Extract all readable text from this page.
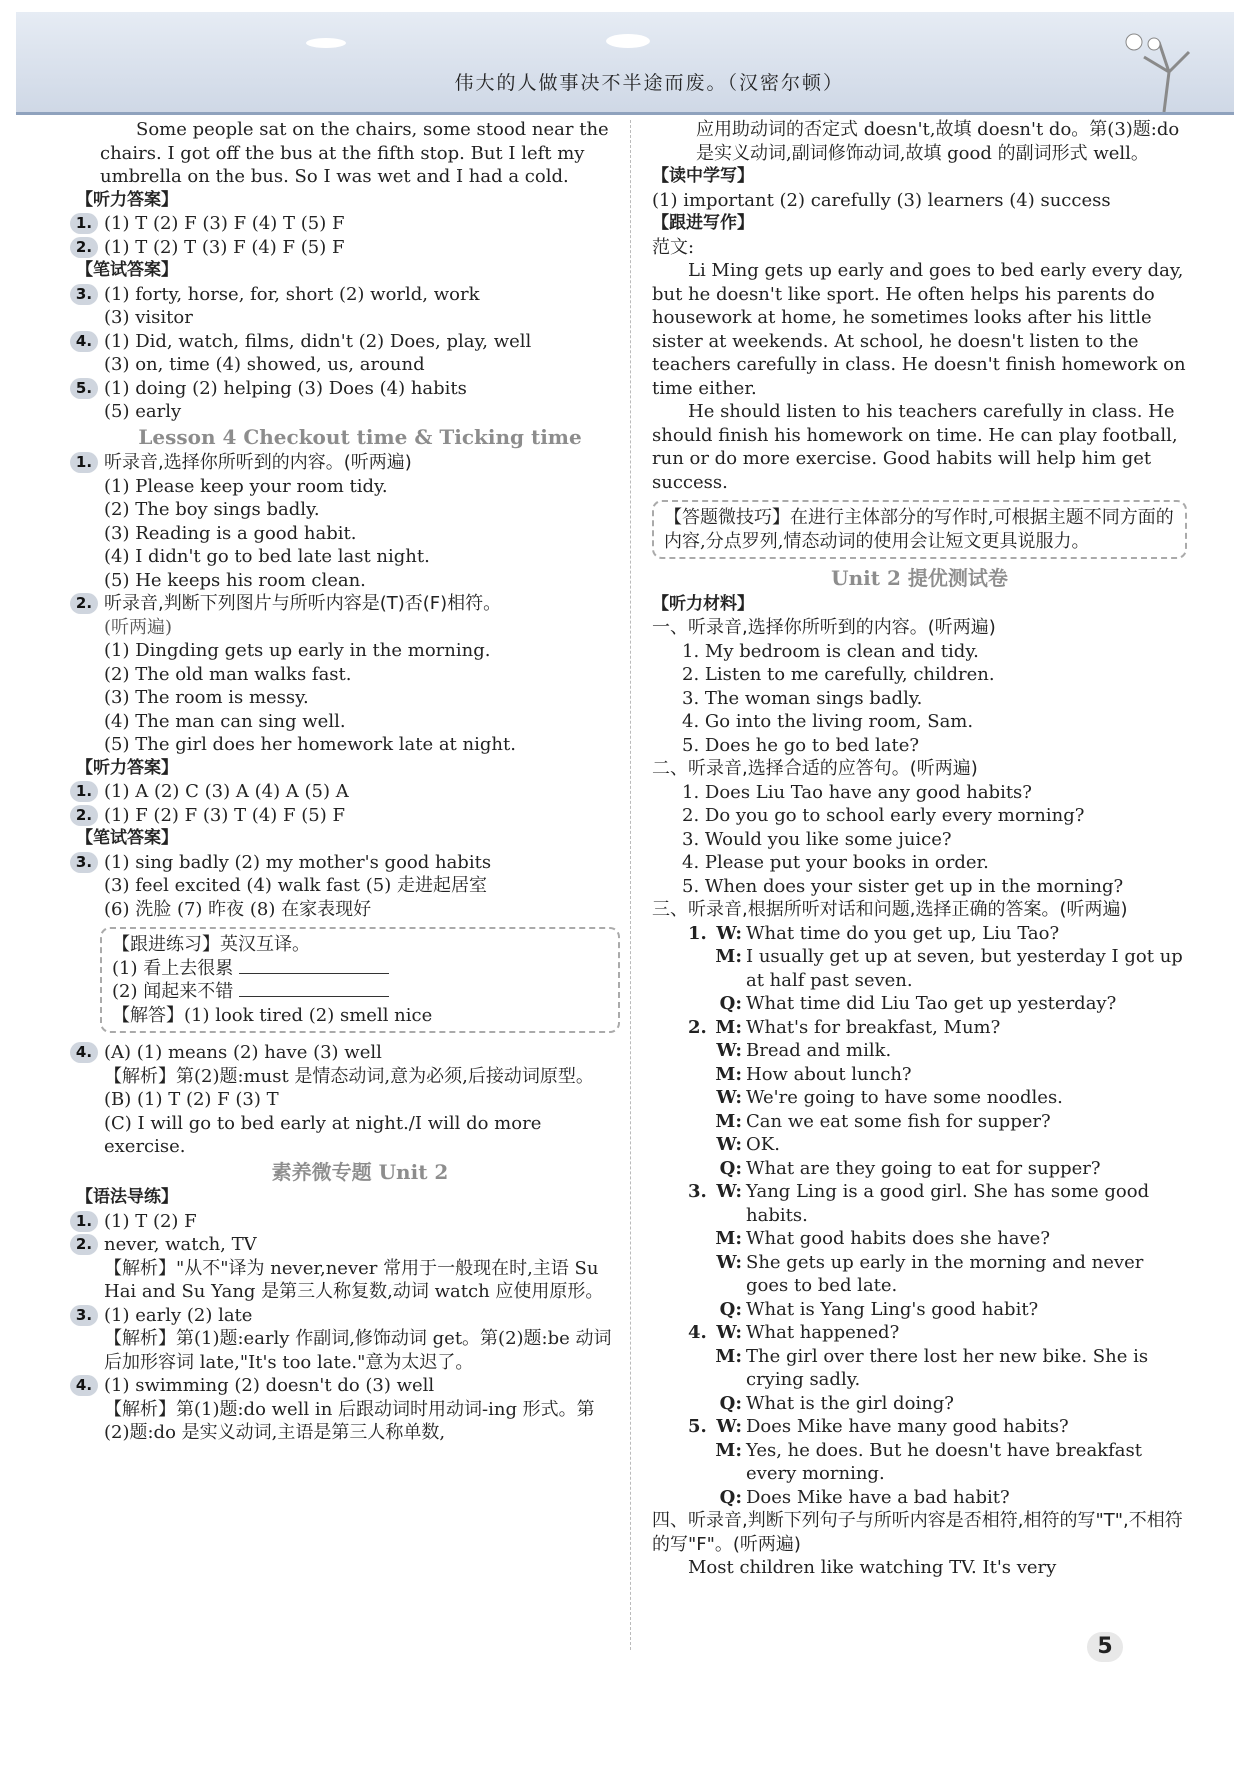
伟大的人做事决不半途而废。（汉密尔顿）

Some people sat on the chairs, some stood near the chairs. I got off the bus at the fifth stop. But I left my umbrella on the bus. So I was wet and I had a cold.

【听力答案】

1. (1) T (2) F (3) F (4) T (5) F
2. (1) T (2) T (3) F (4) F (5) F

【笔试答案】

3. (1) forty, horse, for, short (2) world, work
(3) visitor
4. (1) Did, watch, films, didn't (2) Does, play, well
(3) on, time (4) showed, us, around
5. (1) doing (2) helping (3) Does (4) habits
(5) early
Lesson 4 Checkout time & Ticking time
1. 听录音,选择你所听到的内容。(听两遍)
(1) Please keep your room tidy.
(2) The boy sings badly.
(3) Reading is a good habit.
(4) I didn't go to bed late last night.
(5) He keeps his room clean.
2. 听录音,判断下列图片与所听内容是(T)否(F)相符。
(听两遍)
(1) Dingding gets up early in the morning.
(2) The old man walks fast.
(3) The room is messy.
(4) The man can sing well.
(5) The girl does her homework late at night.

【听力答案】

1. (1) A (2) C (3) A (4) A (5) A
2. (1) F (2) F (3) T (4) F (5) F

【笔试答案】

3. (1) sing badly (2) my mother's good habits
(3) feel excited (4) walk fast (5) 走进起居室
(6) 洗脸 (7) 昨夜 (8) 在家表现好
【跟进练习】英汉互译。
(1) 看上去很累
(2) 闻起来不错
【解答】(1) look tired (2) smell nice
4. (A) (1) means (2) have (3) well
【解析】第(2)题:must 是情态动词,意为必须,后接动词原型。
(B) (1) T (2) F (3) T
(C) I will go to bed early at night./I will do more exercise.
素养微专题 Unit 2

【语法导练】

1. (1) T (2) F
2. never, watch, TV
【解析】"从不"译为 never,never 常用于一般现在时,主语 Su Hai and Su Yang 是第三人称复数,动词 watch 应使用原形。
3. (1) early (2) late
【解析】第(1)题:early 作副词,修饰动词 get。第(2)题:be 动词后加形容词 late,"It's too late."意为太迟了。
4. (1) swimming (2) doesn't do (3) well
【解析】第(1)题:do well in 后跟动词时用动词-ing 形式。第(2)题:do 是实义动词,主语是第三人称单数,

应用助动词的否定式 doesn't,故填 doesn't do。第(3)题:do 是实义动词,副词修饰动词,故填 good 的副词形式 well。

【读中学写】

(1) important (2) carefully (3) learners (4) success

【跟进写作】

范文:

Li Ming gets up early and goes to bed early every day, but he doesn't like sport. He often helps his parents do housework at home, he sometimes looks after his little sister at weekends. At school, he doesn't listen to the teachers carefully in class. He doesn't finish homework on time either.

He should listen to his teachers carefully in class. He should finish his homework on time. He can play football, run or do more exercise. Good habits will help him get success.

【答题微技巧】在进行主体部分的写作时,可根据主题不同方面的内容,分点罗列,情态动词的使用会让短文更具说服力。
Unit 2 提优测试卷

【听力材料】

一、听录音,选择你所听到的内容。(听两遍)
1. My bedroom is clean and tidy.
2. Listen to me carefully, children.
3. The woman sings badly.
4. Go into the living room, Sam.
5. Does he go to bed late?
二、听录音,选择合适的应答句。(听两遍)
1. Does Liu Tao have any good habits?
2. Do you go to school early every morning?
3. Would you like some juice?
4. Please put your books in order.
5. When does your sister get up in the morning?
三、听录音,根据所听对话和问题,选择正确的答案。(听两遍)
1. W: What time do you get up, Liu Tao?
M: I usually get up at seven, but yesterday I got up at half past seven.
Q: What time did Liu Tao get up yesterday?
2. M: What's for breakfast, Mum?
W: Bread and milk.
M: How about lunch?
W: We're going to have some noodles.
M: Can we eat some fish for supper?
W: OK.
Q: What are they going to eat for supper?
3. W: Yang Ling is a good girl. She has some good habits.
M: What good habits does she have?
W: She gets up early in the morning and never goes to bed late.
Q: What is Yang Ling's good habit?
4. W: What happened?
M: The girl over there lost her new bike. She is crying sadly.
Q: What is the girl doing?
5. W: Does Mike have many good habits?
M: Yes, he does. But he doesn't have breakfast every morning.
Q: Does Mike have a bad habit?
四、听录音,判断下列句子与所听内容是否相符,相符的写"T",不相符的写"F"。(听两遍)
Most children like watching TV. It's very
5
